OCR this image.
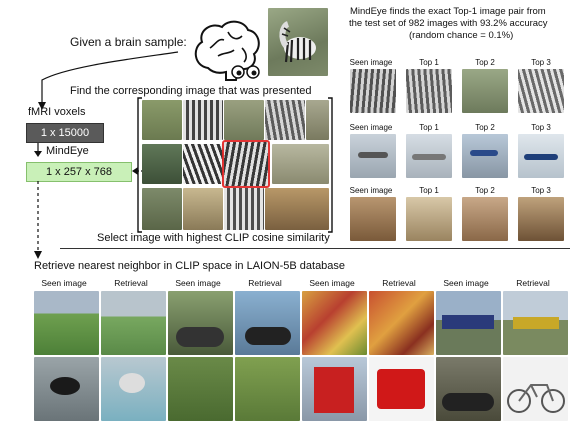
Given a brain sample:
Find the corresponding image that was presented
fMRI voxels
1 x 15000
MindEye
1 x 257 x 768
Select image with highest CLIP cosine similarity
MindEye finds the exact Top-1 image pair from
the test set of 982 images with 93.2% accuracy
(random chance = 0.1%)
Seen image	Top 1	Top 2	Top 3
Seen image	Top 1	Top 2	Top 3
Seen image	Top 1	Top 2	Top 3
Retrieve nearest neighbor in CLIP space in LAION-5B database
Seen image	Retrieval	Seen image	Retrieval	Seen image	Retrieval	Seen image	Retrieval
